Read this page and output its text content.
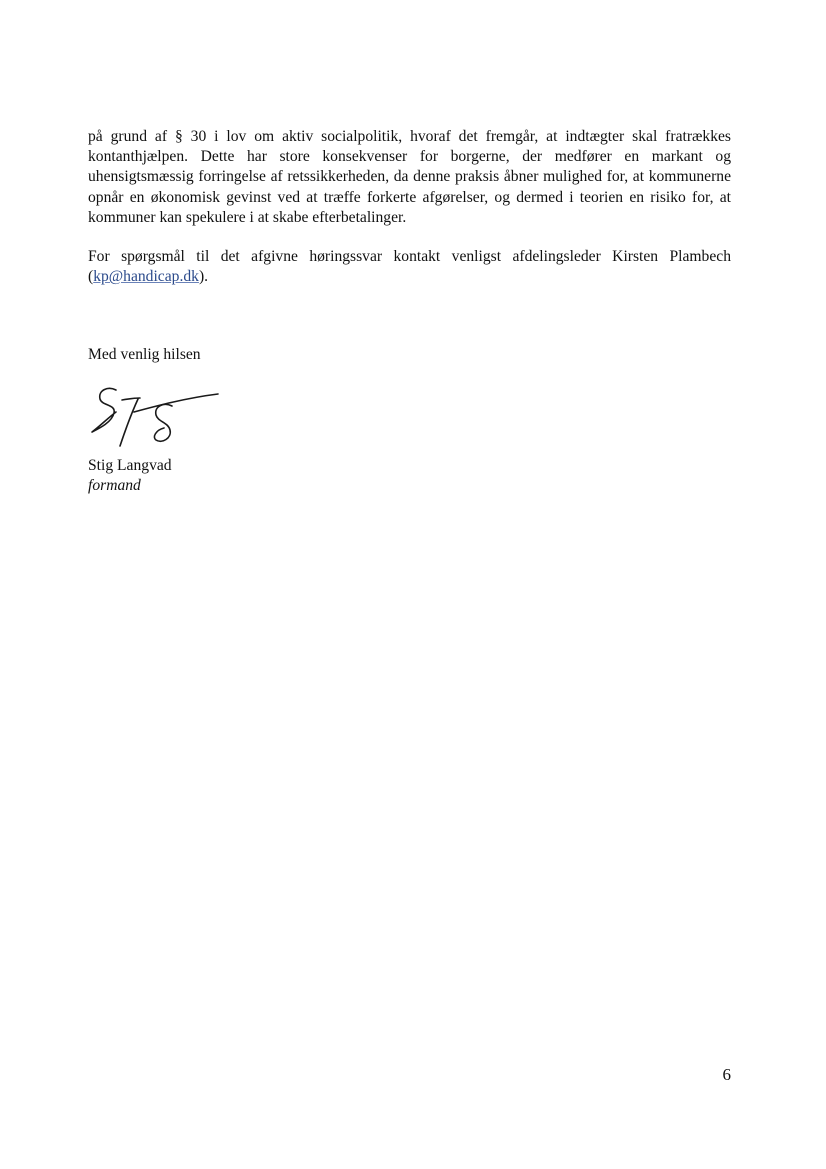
på grund af § 30 i lov om aktiv socialpolitik, hvoraf det fremgår, at indtægter skal fratrækkes kontanthjælpen. Dette har store konsekvenser for borgerne, der medfører en markant og uhensigtsmæssig forringelse af retssikkerheden, da denne praksis åbner mulighed for, at kommunerne opnår en økonomisk gevinst ved at træffe forkerte afgørelser, og dermed i teorien en risiko for, at kommuner kan spekulere i at skabe efterbetalinger.

For spørgsmål til det afgivne høringssvar kontakt venligst afdelingsleder Kirsten Plambech (kp@handicap.dk).

Med venlig hilsen

Stig Langvad

formand

6
